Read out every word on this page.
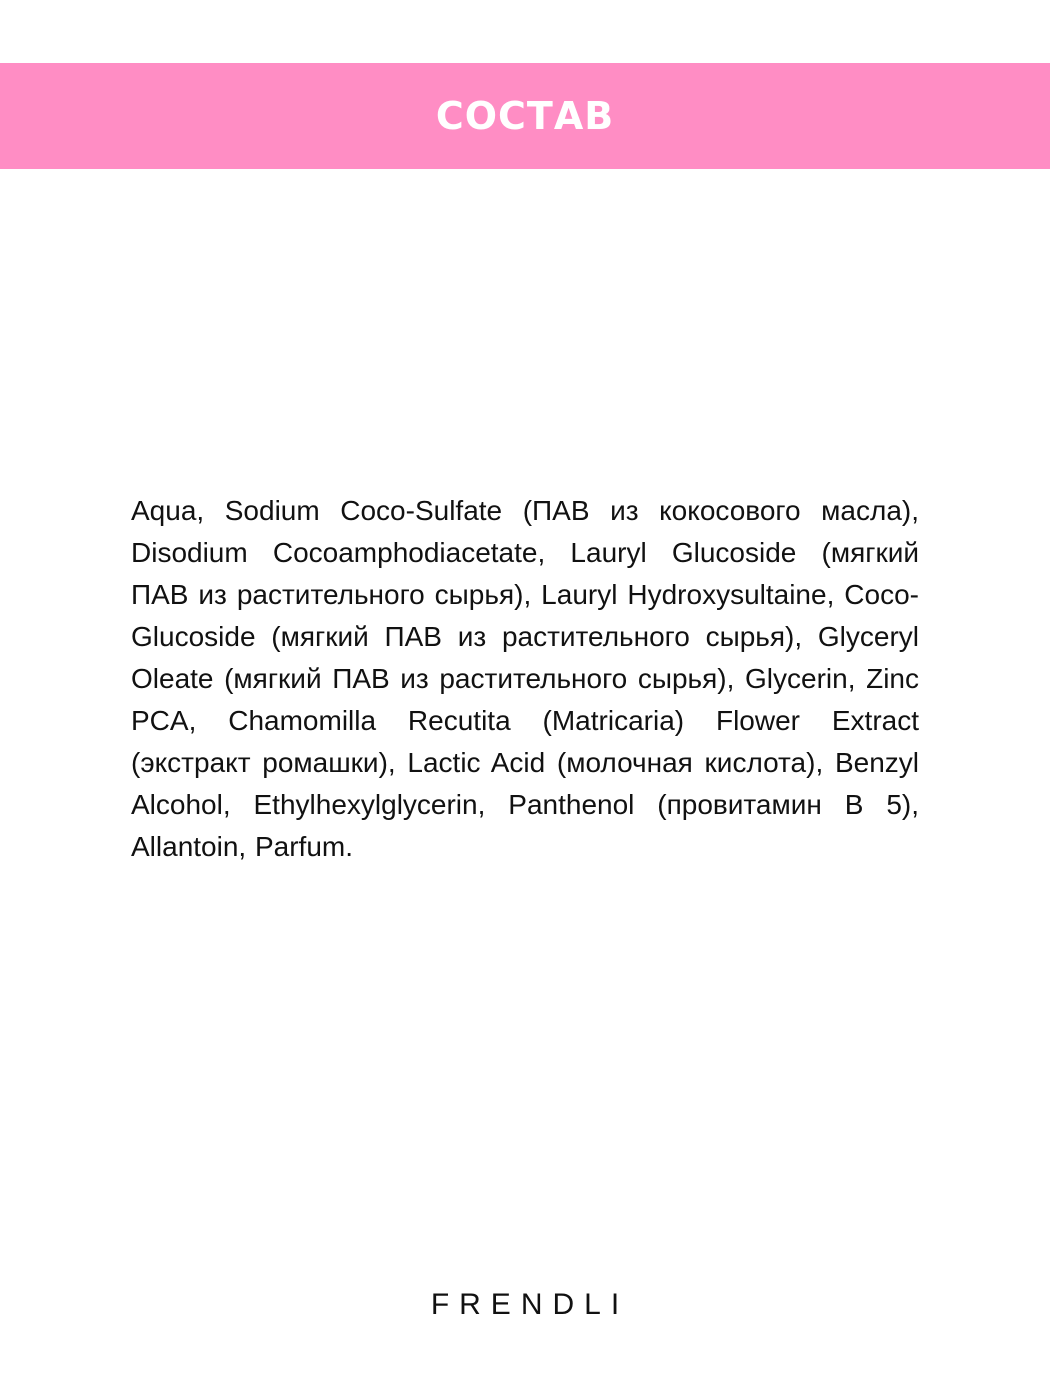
СОСТАВ

Aqua, Sodium Coco-Sulfate (ПАВ из кокосового масла), Disodium Cocoamphodiacetate, Lauryl Glucoside (мягкий ПАВ из растительного сырья), Lauryl Hydroxysultaine, Coco-Glucoside (мягкий ПАВ из растительного сырья), Glyceryl Oleate (мягкий ПАВ из растительного сырья), Glycerin, Zinc PCA, Chamomilla Recutita (Matricaria) Flower Extract (экстракт ромашки), Lactic Acid (молочная кислота), Benzyl Alcohol, Ethylhexylglycerin, Panthenol (провитамин B 5), Allantoin, Parfum.

FRENDLI
